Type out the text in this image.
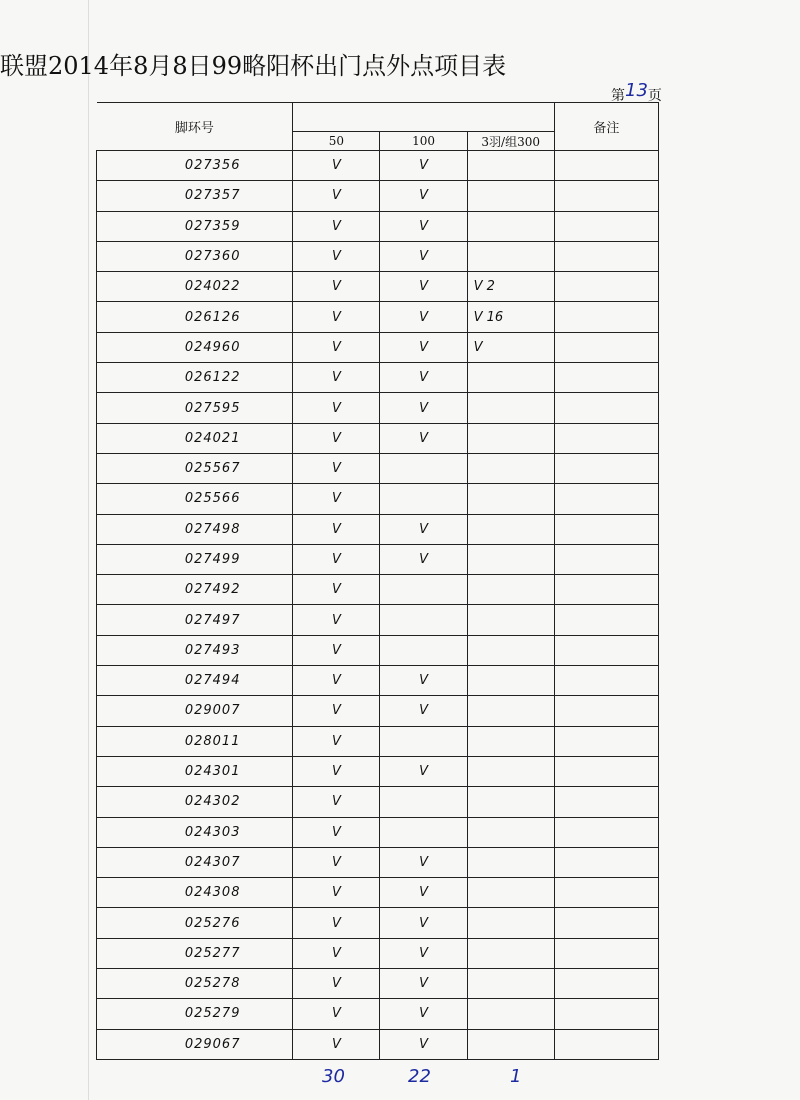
联盟2014年8月8日99略阳杯出门点外点项目表
第13页
脚环号				备注
	50	100	3羽/组300	
027356	V	V		
027357	V	V		
027359	V	V		
027360	V	V		
024022	V	V	V 2	
026126	V	V	V 16	
024960	V	V	V	
026122	V	V		
027595	V	V		
024021	V	V		
025567	V			
025566	V			
027498	V	V		
027499	V	V		
027492	V			
027497	V			
027493	V			
027494	V	V		
029007	V	V		
028011	V			
024301	V	V		
024302	V			
024303	V			
024307	V	V		
024308	V	V		
025276	V	V		
025277	V	V		
025278	V	V		
025279	V	V		
029067	V	V		
30	22	1
